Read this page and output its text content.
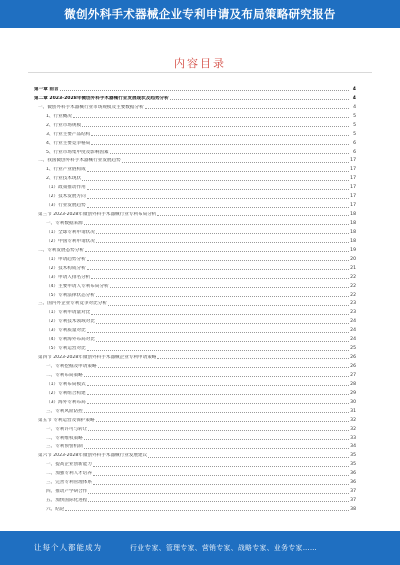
微创外科手术器械企业专利申请及布局策略研究报告
内容目录
第一章 前言	4
第二章 2023-2028年微创外科手术器械行业发展现状及趋势分析	4
一、微创外科手术器械行业市场规模及主要数据分析	4
1、行业概况	5
2、行业市场规模	5
3、行业主要产品结构	5
4、行业主要竞争格局	6
5、行业市场集中度及影响因素	6
二、我国微创外科手术器械行业发展趋势	17
1、行业产业链构成	17
2、行业技术现状	17
（1）政策推动作用	17
（2）技术发展方向	17
（3）行业发展趋势	17
第三节 2023-2028年微创外科手术器械行业专利布局分析	18
一、专利数据来源	18
（1）全球专利申请状况	18
（2）中国专利申请状况	18
二、专利发展态势分析	19
（1）申请趋势分析	20
（2）技术构成分析	21
（3）申请人排名分析	22
（4）主要申请人专利布局分析	22
（5）专利法律状态分析	22
三、国内外企业专利竞争对比分析	23
（1）专利申请量对比	23
（2）专利技术领域对比	24
（3）专利质量对比	24
（4）专利海外布局对比	24
（5）专利运营对比	25
第四节 2023-2028年微创外科手术器械企业专利申请策略	26
一、专利挖掘及申请策略	26
二、专利布局策略	27
（1）专利布局模式	28
（2）专利组合构建	29
（3）海外专利布局	30
三、专利风险防控	31
第五节 专利运营及保护策略	32
一、专利许可与转让	32
二、专利维权策略	33
三、专利预警机制	34
第六节 2023-2028年微创外科手术器械行业发展建议	35
一、提高企业创新能力	35
二、加强专利人才培养	36
三、完善专利管理体系	36
四、推动产学研合作	37
五、加快国际化进程	37
六、结论	38
让每个人都能成为	行业专家、管理专家、营销专家、战略专家、业务专家……
